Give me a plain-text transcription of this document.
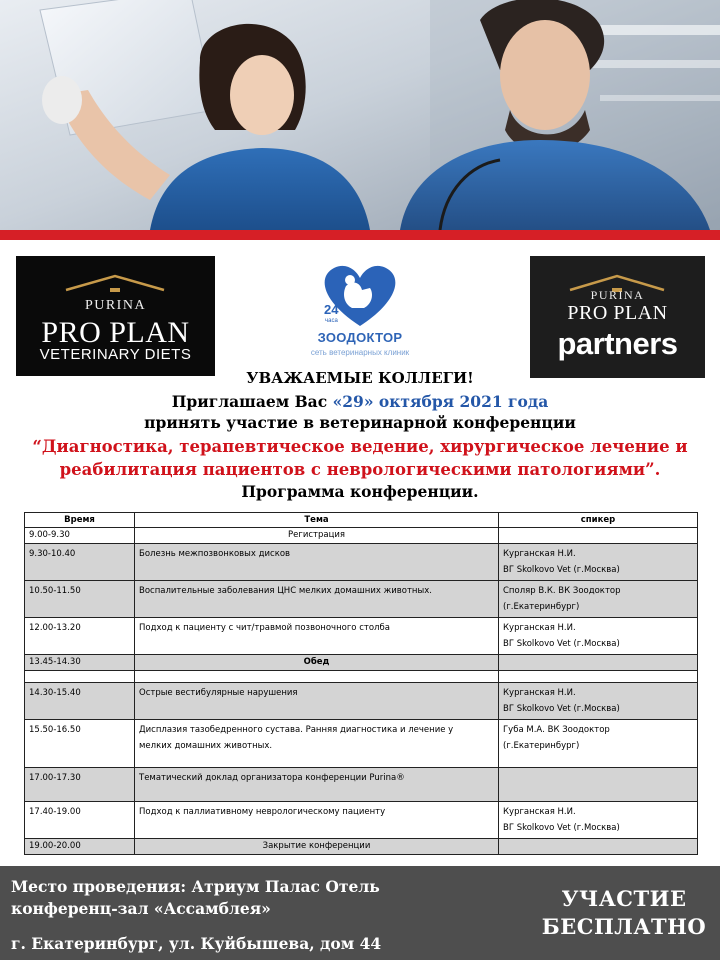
PURINA
PRO PLAN
VETERINARY DIETS
24
часа
ЗООДОКТОР
сеть ветеринарных клиник
PURINA
PRO PLAN
partners
УВАЖАЕМЫЕ КОЛЛЕГИ!
Приглашаем Вас «29» октября 2021 года
принять участие в ветеринарной конференции
“Диагностика, терапевтическое ведение, хирургическое лечение и
реабилитация пациентов с неврологическими патологиями”.
Программа конференции.
Время	Тема	спикер
9.00-9.30	Регистрация	
9.30-10.40	Болезнь межпозвонковых дисков	Курганская Н.И.
ВГ Skolkovo Vet (г.Москва)
10.50-11.50	Воспалительные заболевания ЦНС мелких домашних животных.	Споляр В.К. ВК Зоодоктор
(г.Екатеринбург)
12.00-13.20	Подход к пациенту с чит/травмой позвоночного столба	Курганская Н.И.
ВГ Skolkovo Vet (г.Москва)
13.45-14.30	Обед	

14.30-15.40	Острые вестибулярные нарушения	Курганская Н.И.
ВГ Skolkovo Vet (г.Москва)
15.50-16.50	Дисплазия тазобедренного сустава. Ранняя диагностика и лечение у
мелких домашних животных.	Губа М.А. ВК Зоодоктор
(г.Екатеринбург)
17.00-17.30	Тематический доклад организатора конференции Purina®	
17.40-19.00	Подход к паллиативному неврологическому пациенту	Курганская Н.И.
ВГ Skolkovo Vet (г.Москва)
19.00-20.00	Закрытие конференции	
Место проведения: Атриум Палас Отель
конференц-зал «Ассамблея»
г. Екатеринбург, ул. Куйбышева, дом 44
УЧАСТИЕ
БЕСПЛАТНО
